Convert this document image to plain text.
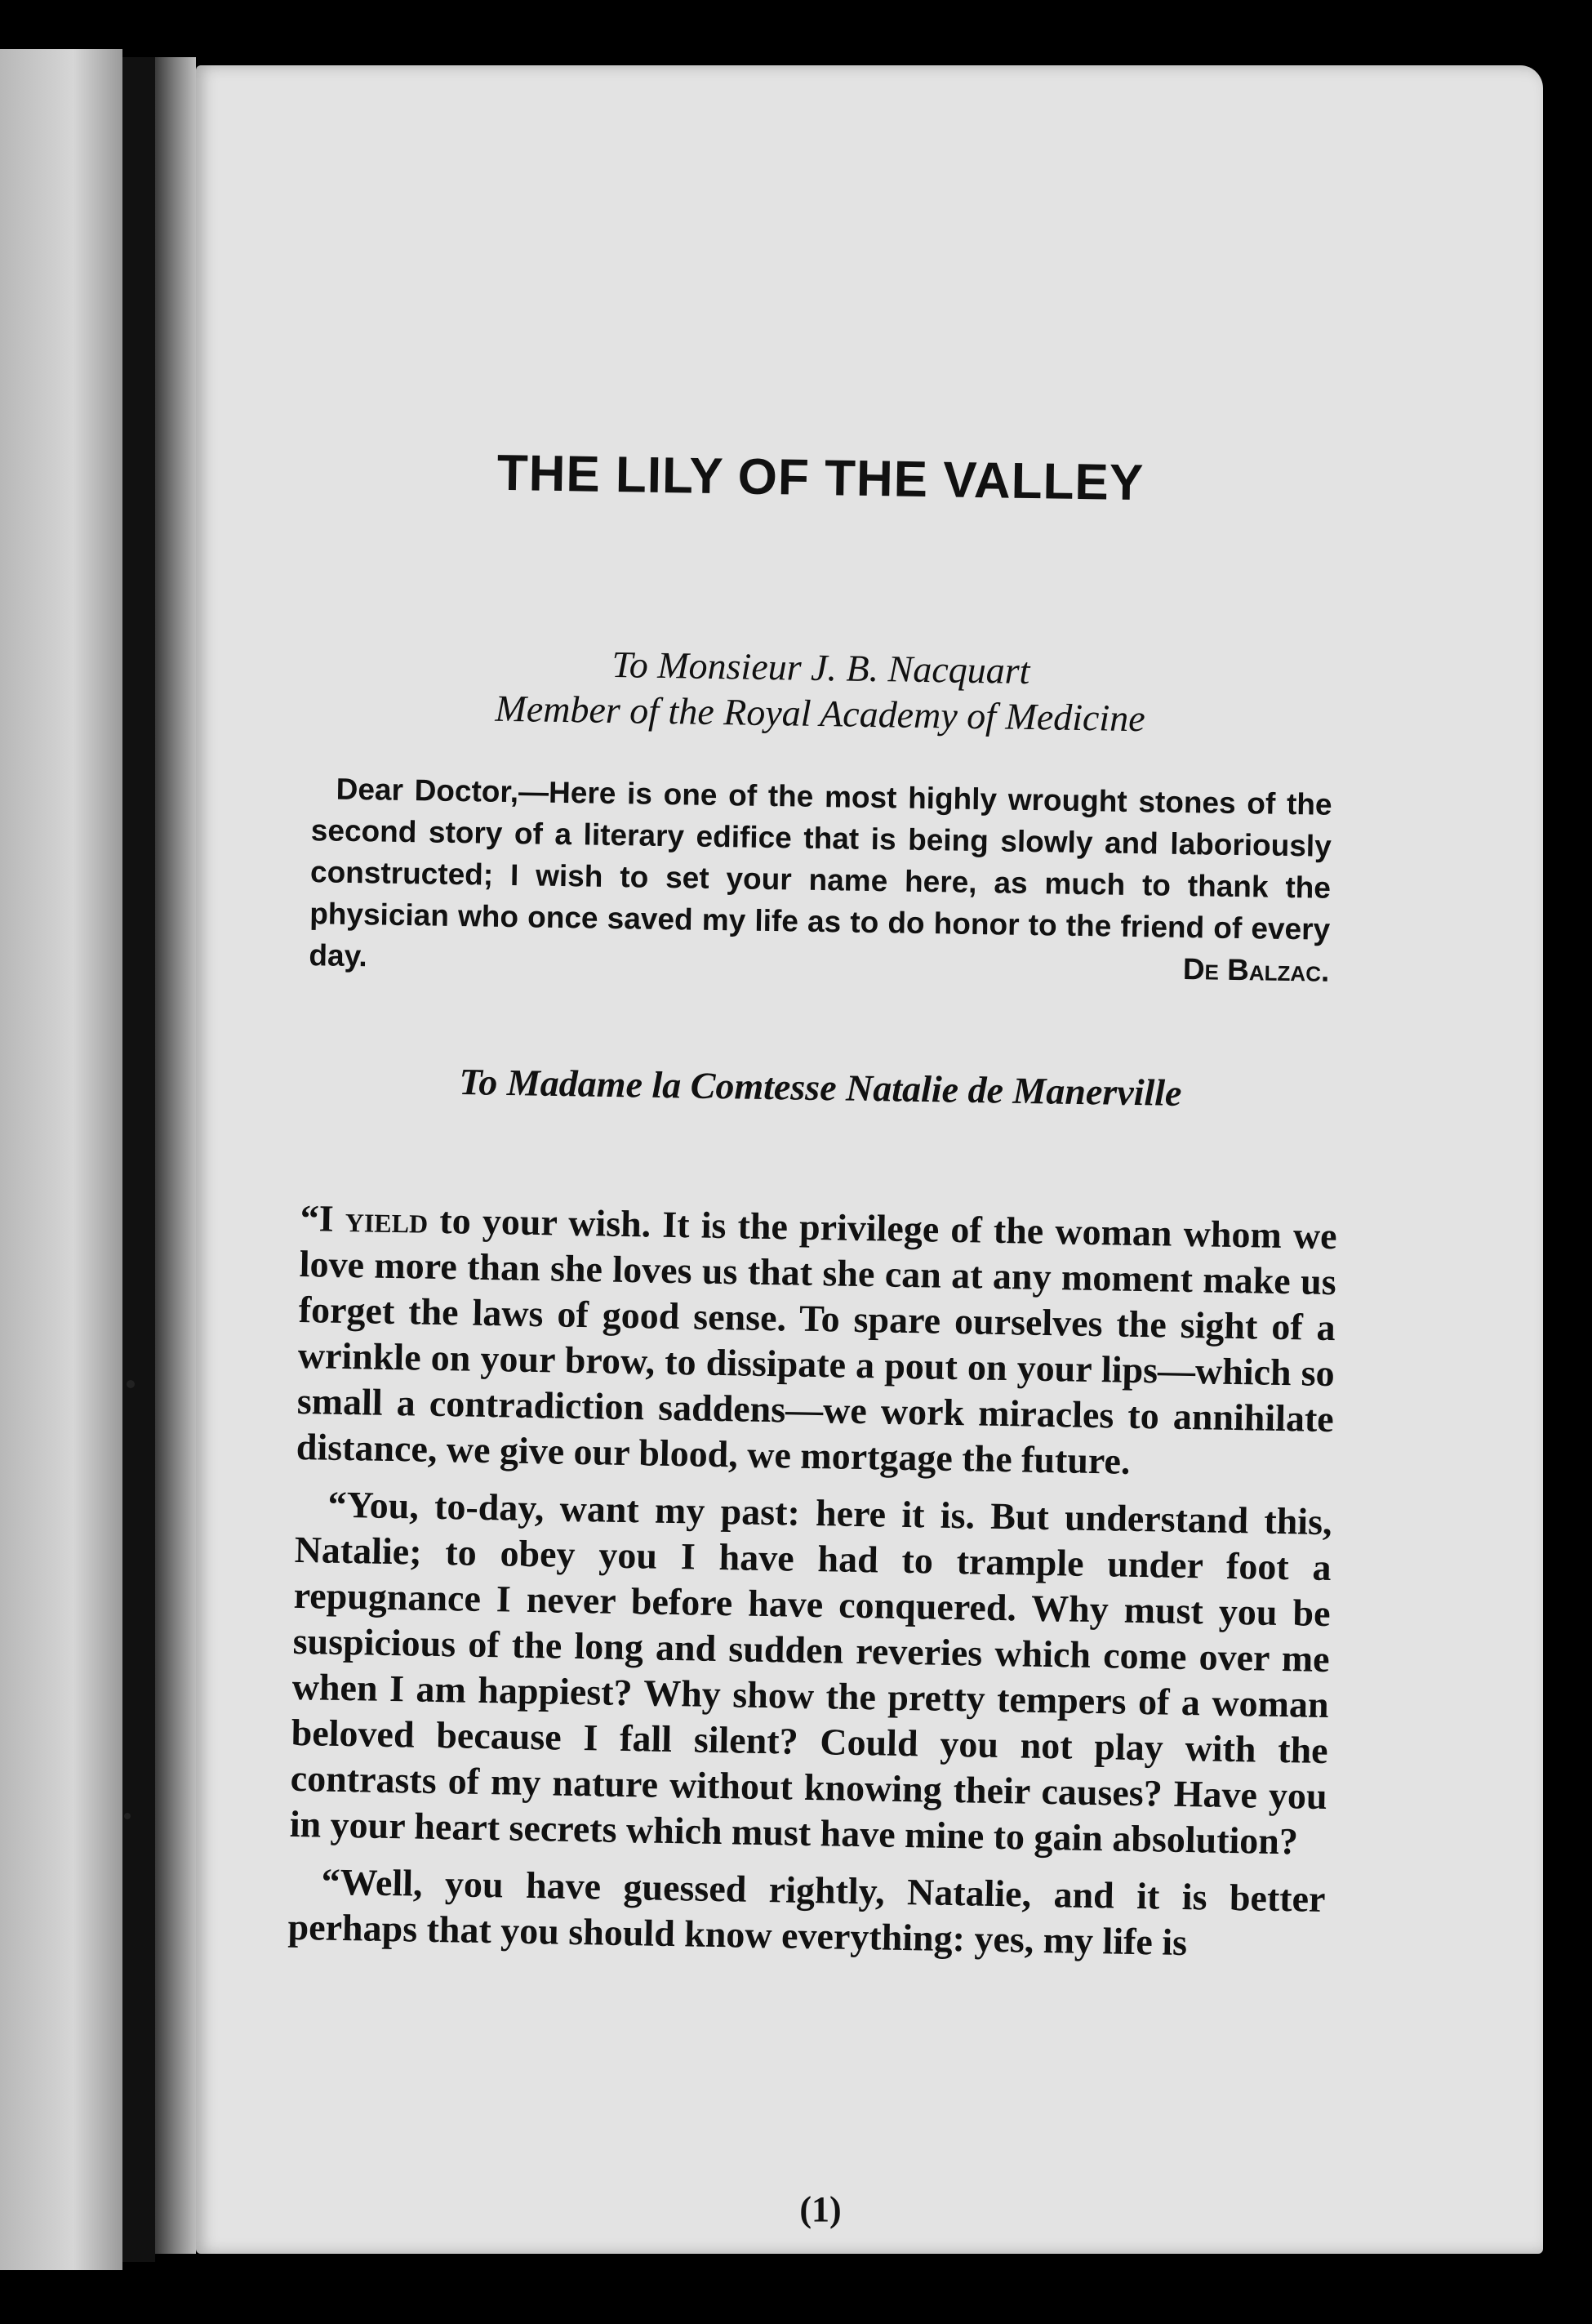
THE LILY OF THE VALLEY
To Monsieur J. B. Nacquart
Member of the Royal Academy of Medicine

Dear Doctor,—Here is one of the most highly wrought stones of the second story of a literary edifice that is being slowly and laboriously constructed; I wish to set your name here, as much to thank the physician who once saved my life as to do honor to the friend of every day.	De Balzac.
To Madame la Comtesse Natalie de Manerville

“I yield to your wish. It is the privilege of the woman whom we love more than she loves us that she can at any moment make us forget the laws of good sense. To spare ourselves the sight of a wrinkle on your brow, to dissipate a pout on your lips—which so small a contradiction saddens—we work miracles to annihilate distance, we give our blood, we mortgage the future.

“You, to-day, want my past: here it is. But understand this, Natalie; to obey you I have had to trample under foot a repugnance I never before have conquered. Why must you be suspicious of the long and sudden reveries which come over me when I am happiest? Why show the pretty tempers of a woman beloved because I fall silent? Could you not play with the contrasts of my nature without knowing their causes? Have you in your heart secrets which must have mine to gain absolution?

“Well, you have guessed rightly, Natalie, and it is better perhaps that you should know everything: yes, my life is

(1)
